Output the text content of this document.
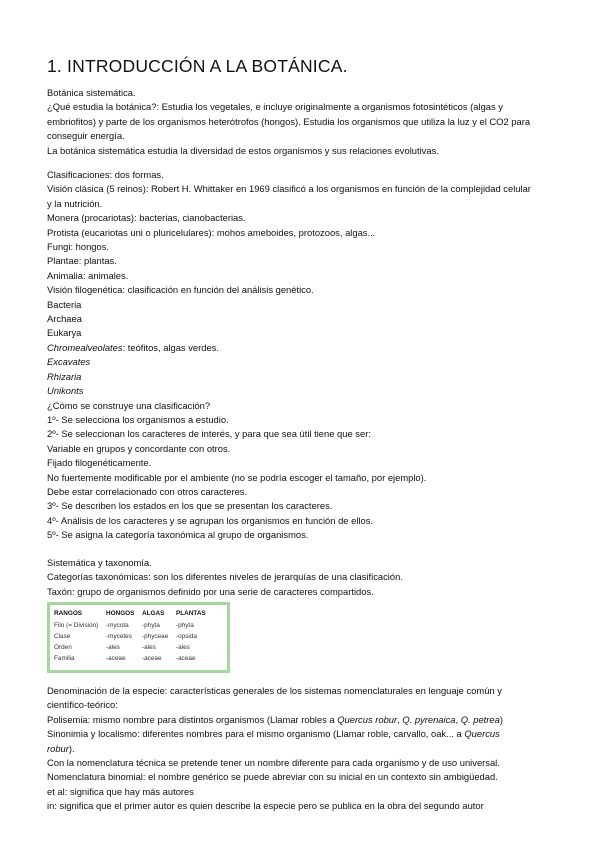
1. INTRODUCCIÓN A LA BOTÁNICA.

Botánica sistemática.

¿Qué estudia la botánica?: Estudia los vegetales, e incluye originalmente a organismos fotosintéticos (algas y

embriofitos) y parte de los organismos heterótrofos (hongos). Estudia los organismos que utiliza la luz y el CO2 para

conseguir energía.

La botánica sistemática estudia la diversidad de estos organismos y sus relaciones evolutivas.

Clasificaciones: dos formas.

Visión clásica (5 reinos): Robert H. Whittaker en 1969 clasificó a los organismos en función de la complejidad celular

y la nutrición.

Monera (procariotas): bacterias, cianobacterias.

Protista (eucariotas uni o pluricelulares): mohos ameboides, protozoos, algas...

Fungi: hongos.

Plantae: plantas.

Animalia: animales.

Visión filogenética: clasificación en función del análisis genético.

Bacteria

Archaea

Eukarya

Chromealveolates: teófitos, algas verdes.

Excavates

Rhizaria

Unikonts

¿Cómo se construye una clasificación?

1º- Se selecciona los organismos a estudio.

2º- Se seleccionan los caracteres de interés, y para que sea útil tiene que ser:

Variable en grupos y concordante con otros.

Fijado filogenéticamente.

No fuertemente modificable por el ambiente (no se podría escoger el tamaño, por ejemplo).

Debe estar correlacionado con otros caracteres.

3º- Se describen los estados en los que se presentan los caracteres.

4º- Análisis de los caracteres y se agrupan los organismos en función de ellos.

5º- Se asigna la categoría taxonómica al grupo de organismos.

Sistemática y taxonomía.

Categorías taxonómicas: son los diferentes niveles de jerarquías de una clasificación.

Taxón: grupo de organismos definido por una serie de caracteres compartidos.

RANGOS	HONGOS	ALGAS	PLANTAS
Filo (= División)	-mycota	-phyta	-phyta
Clase	-mycetes	-phyceae	-opsida
Orden	-ales	-ales	-ales
Familia	-aceae	-aceae	-aceae

Denominación de la especie: características generales de los sistemas nomenclaturales en lenguaje común y

científico-teórico:

Polisemia: mismo nombre para distintos organismos (Llamar robles a Quercus robur, Q. pyrenaica, Q. petrea)

Sinonimia y localismo: diferentes nombres para el mismo organismo (Llamar roble, carvallo, oak... a Quercus

robur).

Con la nomenclatura técnica se pretende tener un nombre diferente para cada organismo y de uso universal.

Nomenclatura binomial: el nombre genérico se puede abreviar con su inicial en un contexto sin ambigüedad.

et al: significa que hay más autores

in: significa que el primer autor es quien describe la especie pero se publica en la obra del segundo autor
